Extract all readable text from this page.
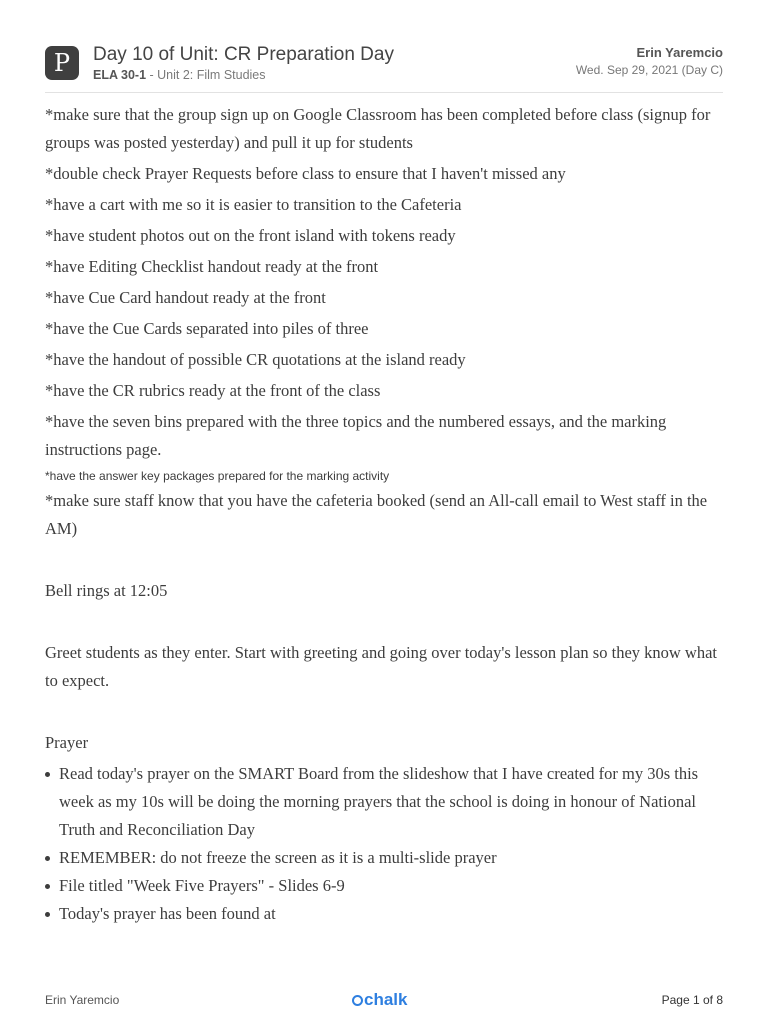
P	Day 10 of Unit: CR Preparation Day
ELA 30-1 - Unit 2: Film Studies
Erin Yaremcio
Wed. Sep 29, 2021 (Day C)

*make sure that the group sign up on Google Classroom has been completed before class (signup for groups was posted yesterday) and pull it up for students

*double check Prayer Requests before class to ensure that I haven't missed any

*have a cart with me so it is easier to transition to the Cafeteria

*have student photos out on the front island with tokens ready

*have Editing Checklist handout ready at the front

*have Cue Card handout ready at the front

*have the Cue Cards separated into piles of three

*have the handout of possible CR quotations at the island ready

*have the CR rubrics ready at the front of the class

*have the seven bins prepared with the three topics and the numbered essays, and the marking instructions page.

*have the answer key packages prepared for the marking activity

*make sure staff know that you have the cafeteria booked (send an All-call email to West staff in the AM)

Bell rings at 12:05

Greet students as they enter. Start with greeting and going over today's lesson plan so they know what to expect.

Prayer

Read today's prayer on the SMART Board from the slideshow that I have created for my 30s this week as my 10s will be doing the morning prayers that the school is doing in honour of National Truth and Reconciliation Day
REMEMBER: do not freeze the screen as it is a multi-slide prayer
File titled "Week Five Prayers" - Slides 6-9
Today's prayer has been found at
Erin Yaremcio	chalk	Page 1 of 8
